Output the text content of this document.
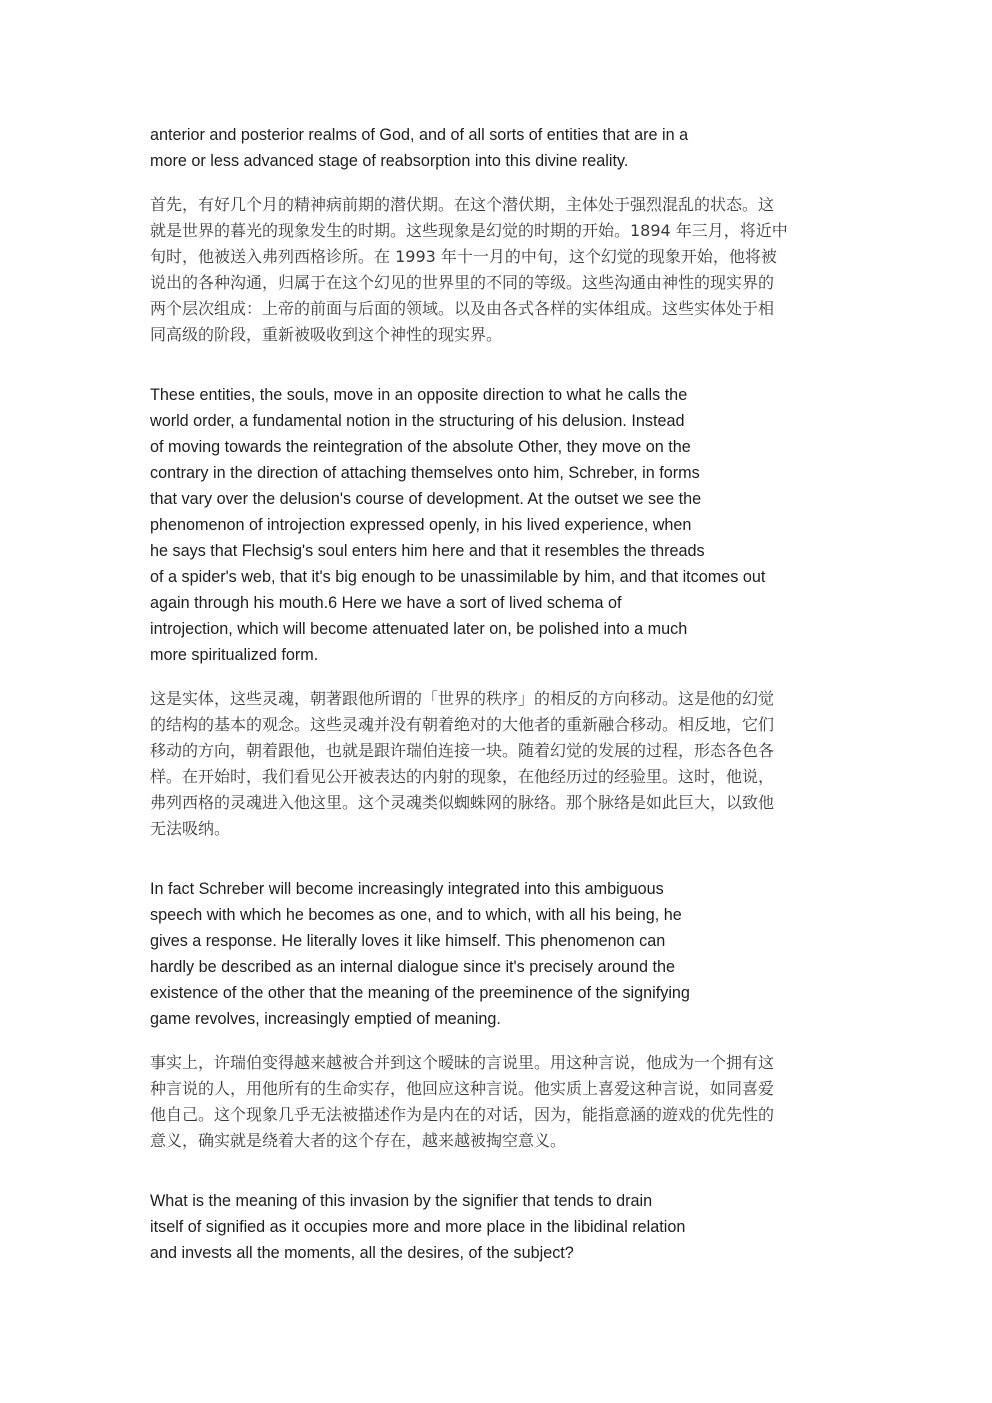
anterior and posterior realms of God, and of all sorts of entities that are in a
more or less advanced stage of reabsorption into this divine reality.

首先，有好几个月的精神病前期的潜伏期。在这个潜伏期，主体处于强烈混乱的状态。这
就是世界的暮光的现象发生的时期。这些现象是幻觉的时期的开始。1894 年三月，将近中
旬时，他被送入弗列西格诊所。在 1993 年十一月的中旬，这个幻觉的现象开始，他将被
说出的各种沟通，归属于在这个幻见的世界里的不同的等级。这些沟通由神性的现实界的
两个层次组成：上帝的前面与后面的领域。以及由各式各样的实体组成。这些实体处于相
同高级的阶段，重新被吸收到这个神性的现实界。

These entities, the souls, move in an opposite direction to what he calls the
world order, a fundamental notion in the structuring of his delusion. Instead
of moving towards the reintegration of the absolute Other, they move on the
contrary in the direction of attaching themselves onto him, Schreber, in forms
that vary over the delusion's course of development. At the outset we see the
phenomenon of introjection expressed openly, in his lived experience, when
he says that Flechsig's soul enters him here and that it resembles the threads
of a spider's web, that it's big enough to be unassimilable by him, and that itcomes out
again through his mouth.6 Here we have a sort of lived schema of
introjection, which will become attenuated later on, be polished into a much
more spiritualized form.

这是实体，这些灵魂，朝著跟他所谓的「世界的秩序」的相反的方向移动。这是他的幻觉
的结构的基本的观念。这些灵魂并没有朝着绝对的大他者的重新融合移动。相反地，它们
移动的方向，朝着跟他，也就是跟许瑞伯连接一块。随着幻觉的发展的过程，形态各色各
样。在开始时，我们看见公开被表达的内射的现象，在他经历过的经验里。这时，他说，
弗列西格的灵魂进入他这里。这个灵魂类似蜘蛛网的脉络。那个脉络是如此巨大，以致他
无法吸纳。

In fact Schreber will become increasingly integrated into this ambiguous
speech with which he becomes as one, and to which, with all his being, he
gives a response. He literally loves it like himself. This phenomenon can
hardly be described as an internal dialogue since it's precisely around the
existence of the other that the meaning of the preeminence of the signifying
game revolves, increasingly emptied of meaning.

事实上，许瑞伯变得越来越被合并到这个暧昧的言说里。用这种言说，他成为一个拥有这
种言说的人，用他所有的生命实存，他回应这种言说。他实质上喜爱这种言说，如同喜爱
他自己。这个现象几乎无法被描述作为是内在的对话，因为，能指意涵的遊戏的优先性的
意义，确实就是绕着大者的这个存在，越来越被掏空意义。

What is the meaning of this invasion by the signifier that tends to drain
itself of signified as it occupies more and more place in the libidinal relation
and invests all the moments, all the desires, of the subject?
